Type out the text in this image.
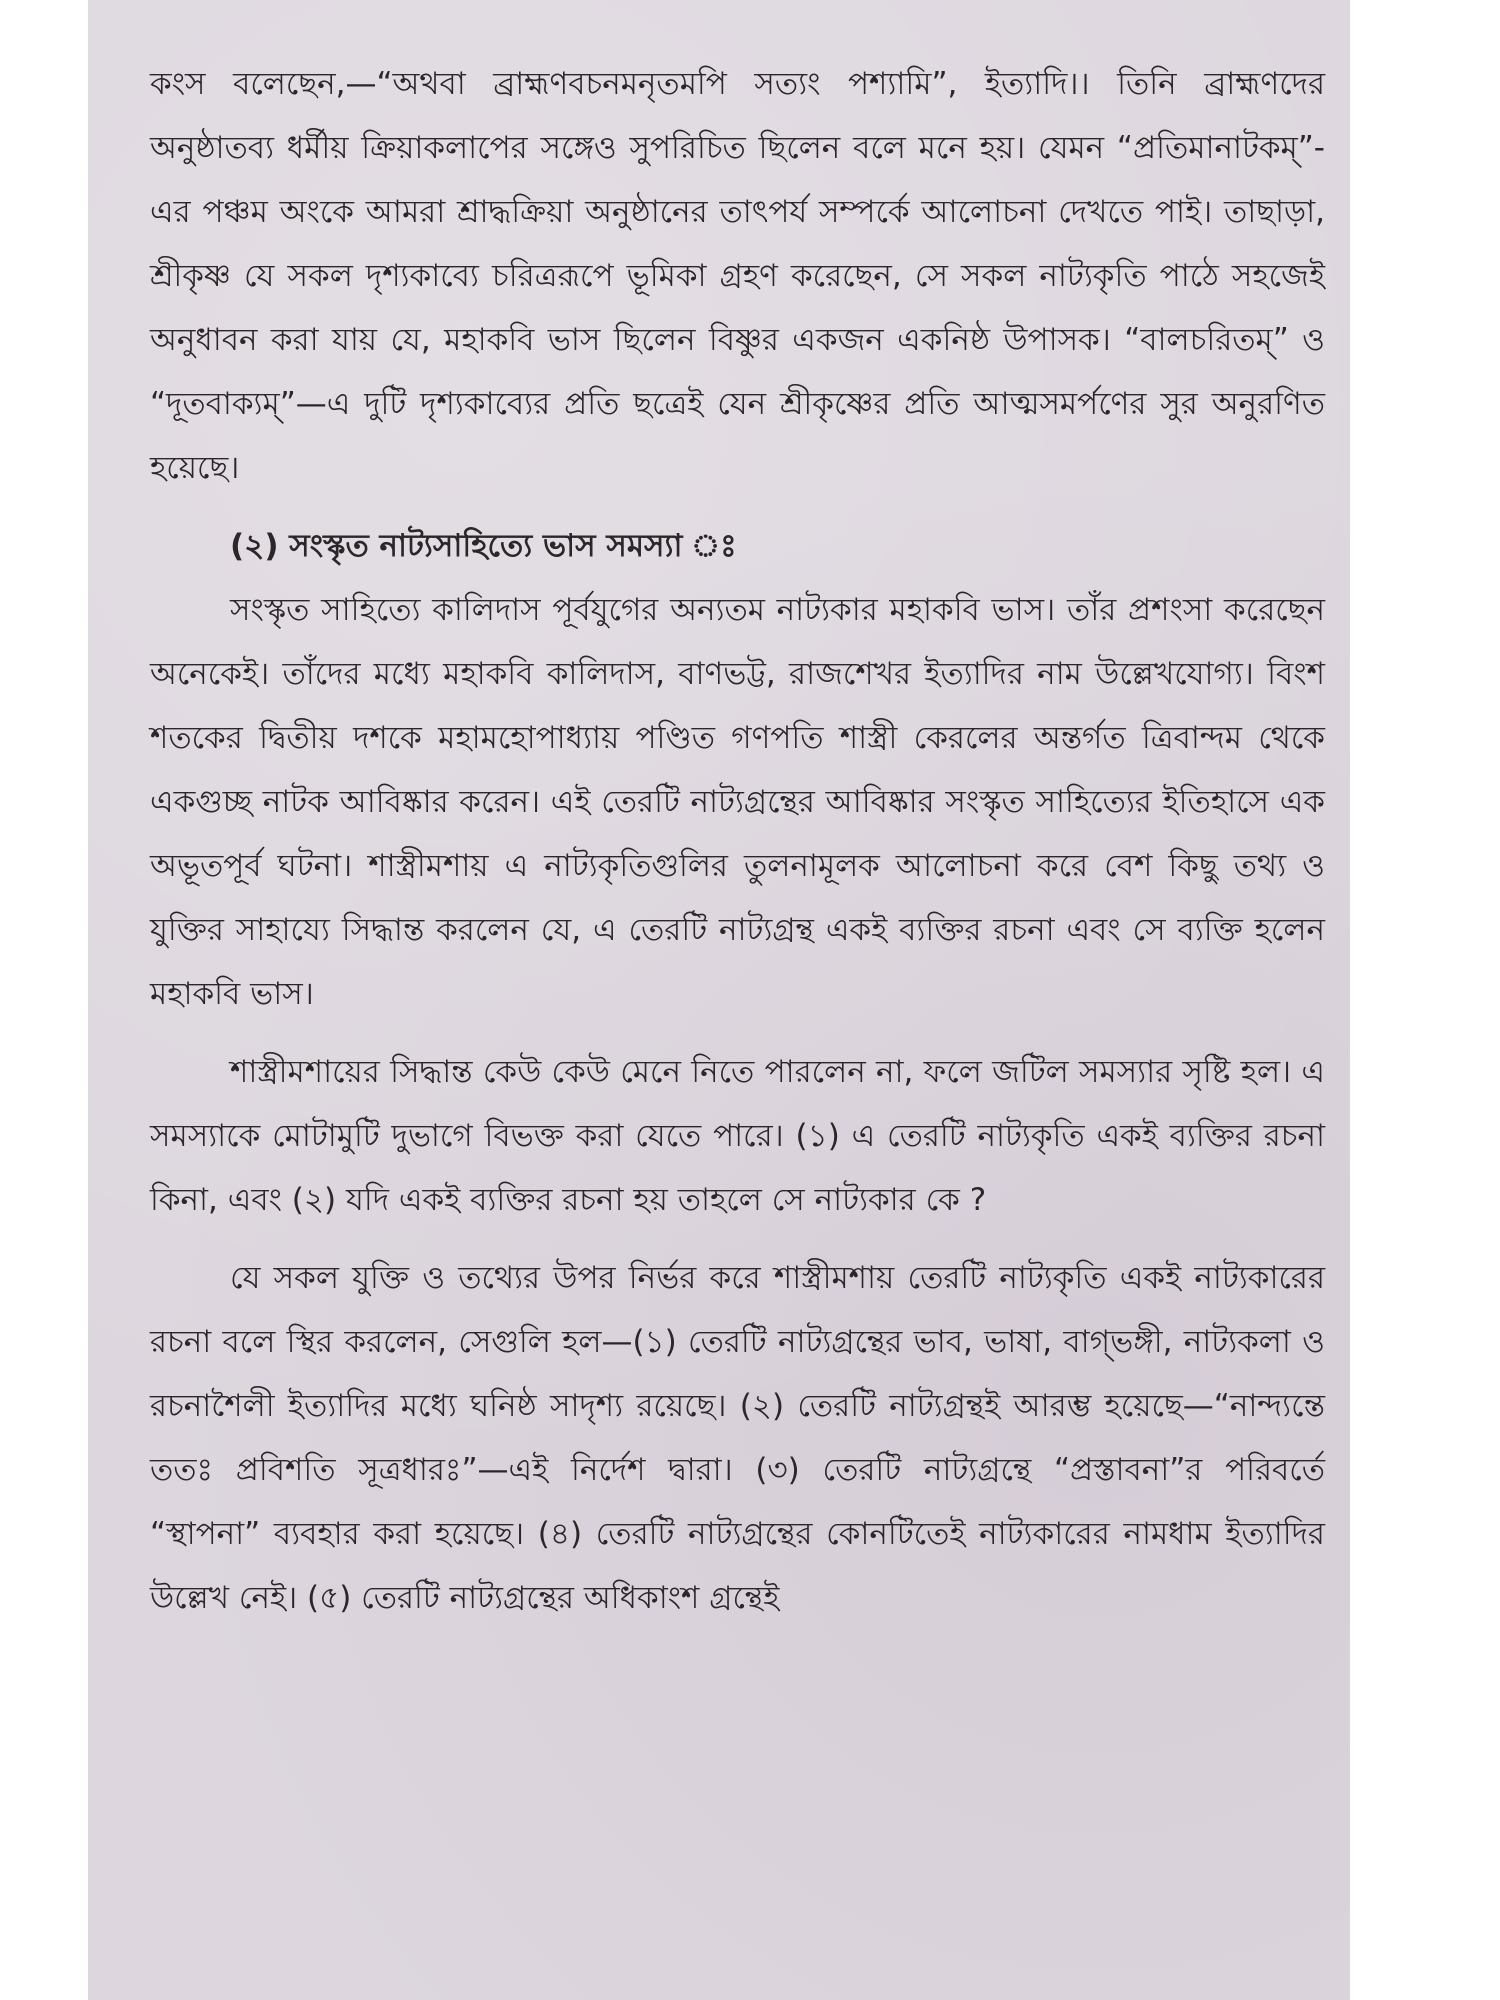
কংস বলেছেন,—“অথবা ব্রাহ্মণবচনমনৃতমপি সত্যং পশ্যামি”, ইত্যাদি।। তিনি ব্রাহ্মণদের অনুষ্ঠাতব্য ধর্মীয় ক্রিয়াকলাপের সঙ্গেও সুপরিচিত ছিলেন বলে মনে হয়। যেমন “প্রতিমানাটকম্”-এর পঞ্চম অংকে আমরা শ্রাদ্ধক্রিয়া অনুষ্ঠানের তাৎপর্য সম্পর্কে আলোচনা দেখতে পাই। তাছাড়া, শ্রীকৃষ্ণ যে সকল দৃশ্যকাব্যে চরিত্ররূপে ভূমিকা গ্রহণ করেছেন, সে সকল নাট্যকৃতি পাঠে সহজেই অনুধাবন করা যায় যে, মহাকবি ভাস ছিলেন বিষ্ণুর একজন একনিষ্ঠ উপাসক। “বালচরিতম্” ও “দূতবাক্যম্”—এ দুটি দৃশ্যকাব্যের প্রতি ছত্রেই যেন শ্রীকৃষ্ণের প্রতি আত্মসমর্পণের সুর অনুরণিত হয়েছে।

(২) সংস্কৃত নাট্যসাহিত্যে ভাস সমস্যা ঃ

সংস্কৃত সাহিত্যে কালিদাস পূর্বযুগের অন্যতম নাট্যকার মহাকবি ভাস। তাঁর প্রশংসা করেছেন অনেকেই। তাঁদের মধ্যে মহাকবি কালিদাস, বাণভট্ট, রাজশেখর ইত্যাদির নাম উল্লেখযোগ্য। বিংশ শতকের দ্বিতীয় দশকে মহামহোপাধ্যায় পণ্ডিত গণপতি শাস্ত্রী কেরলের অন্তর্গত ত্রিবান্দম থেকে একগুচ্ছ নাটক আবিষ্কার করেন। এই তেরটি নাট্যগ্রন্থের আবিষ্কার সংস্কৃত সাহিত্যের ইতিহাসে এক অভূতপূর্ব ঘটনা। শাস্ত্রীমশায় এ নাট্যকৃতিগুলির তুলনামূলক আলোচনা করে বেশ কিছু তথ্য ও যুক্তির সাহায্যে সিদ্ধান্ত করলেন যে, এ তেরটি নাট্যগ্রন্থ একই ব্যক্তির রচনা এবং সে ব্যক্তি হলেন মহাকবি ভাস।

শাস্ত্রীমশায়ের সিদ্ধান্ত কেউ কেউ মেনে নিতে পারলেন না, ফলে জটিল সমস্যার সৃষ্টি হল। এ সমস্যাকে মোটামুটি দুভাগে বিভক্ত করা যেতে পারে। (১) এ তেরটি নাট্যকৃতি একই ব্যক্তির রচনা কিনা, এবং (২) যদি একই ব্যক্তির রচনা হয় তাহলে সে নাট্যকার কে ?

যে সকল যুক্তি ও তথ্যের উপর নির্ভর করে শাস্ত্রীমশায় তেরটি নাট্যকৃতি একই নাট্যকারের রচনা বলে স্থির করলেন, সেগুলি হল—(১) তেরটি নাট্যগ্রন্থের ভাব, ভাষা, বাগ্‌ভঙ্গী, নাট্যকলা ও রচনাশৈলী ইত্যাদির মধ্যে ঘনিষ্ঠ সাদৃশ্য রয়েছে। (২) তেরটি নাট্যগ্রন্থই আরম্ভ হয়েছে—“নান্দ্যন্তে ততঃ প্রবিশতি সূত্রধারঃ”—এই নির্দেশ দ্বারা। (৩) তেরটি নাট্যগ্রন্থে “প্রস্তাবনা”র পরিবর্তে “স্থাপনা” ব্যবহার করা হয়েছে। (৪) তেরটি নাট্যগ্রন্থের কোনটিতেই নাট্যকারের নামধাম ইত্যাদির উল্লেখ নেই। (৫) তেরটি নাট্যগ্রন্থের অধিকাংশ গ্রন্থেই
